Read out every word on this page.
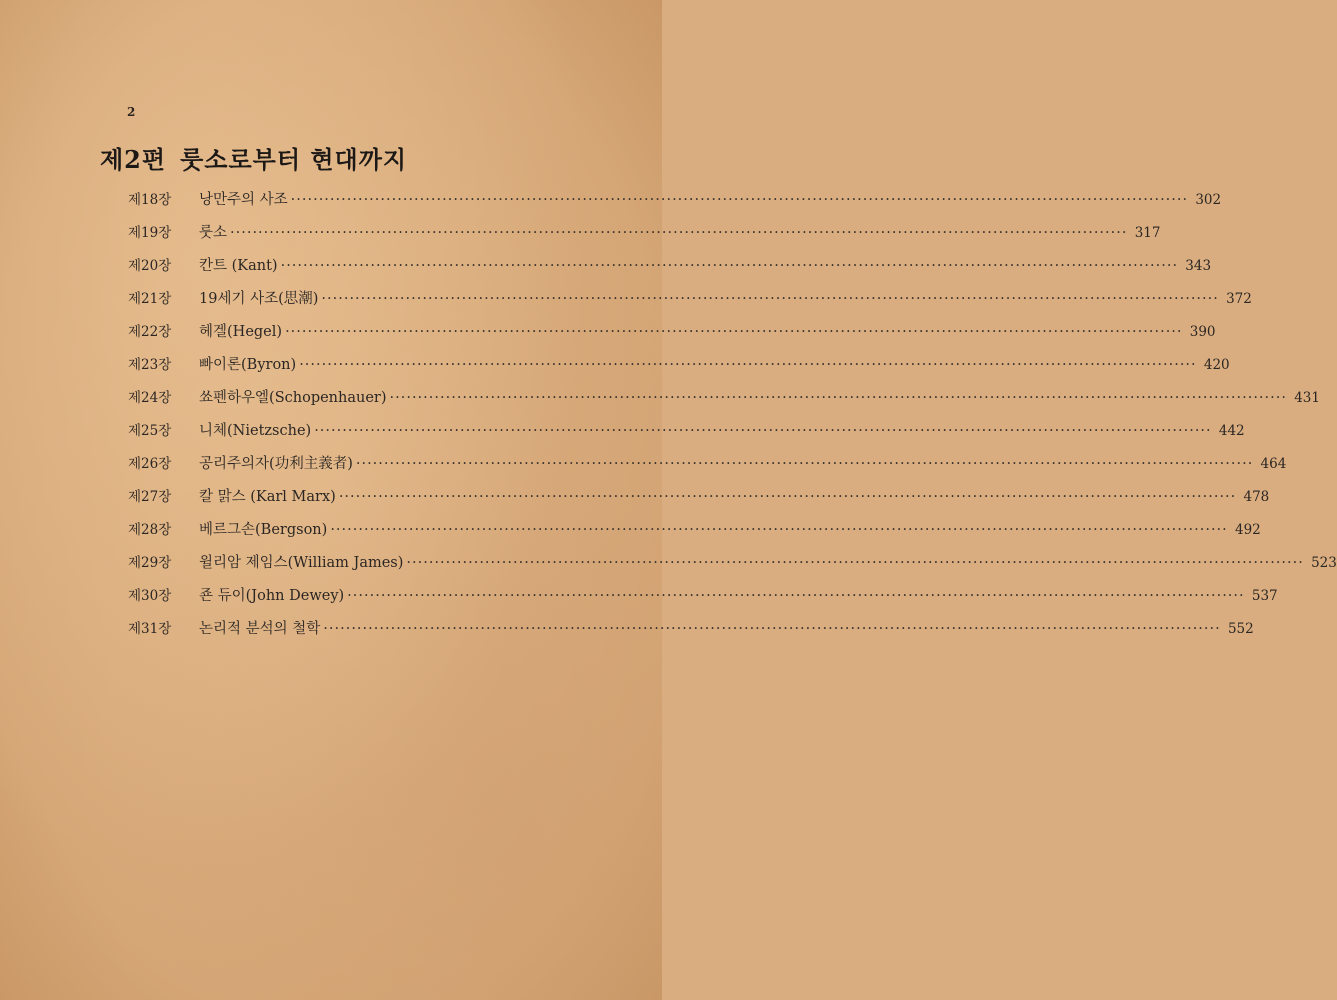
2
제2편 룻소로부터 현대까지
제18장	낭만주의 사조 ································································································································································ 302
제19장	룻소 ································································································································································ 317
제20장	칸트 (Kant) ································································································································································ 343
제21장	19세기 사조(思潮) ································································································································································ 372
제22장	헤겔(Hegel) ································································································································································ 390
제23장	빠이론(Byron) ································································································································································ 420
제24장	쑈펜하우엘(Schopenhauer) ································································································································································ 431
제25장	니체(Nietzsche) ································································································································································ 442
제26장	공리주의자(功利主義者) ································································································································································ 464
제27장	칼 맑스 (Karl Marx) ································································································································································ 478
제28장	베르그손(Bergson) ································································································································································ 492
제29장	윌리암 제임스(William James) ································································································································································ 523
제30장	죤 듀이(John Dewey) ································································································································································ 537
제31장	논리적 분석의 철학 ································································································································································ 552
